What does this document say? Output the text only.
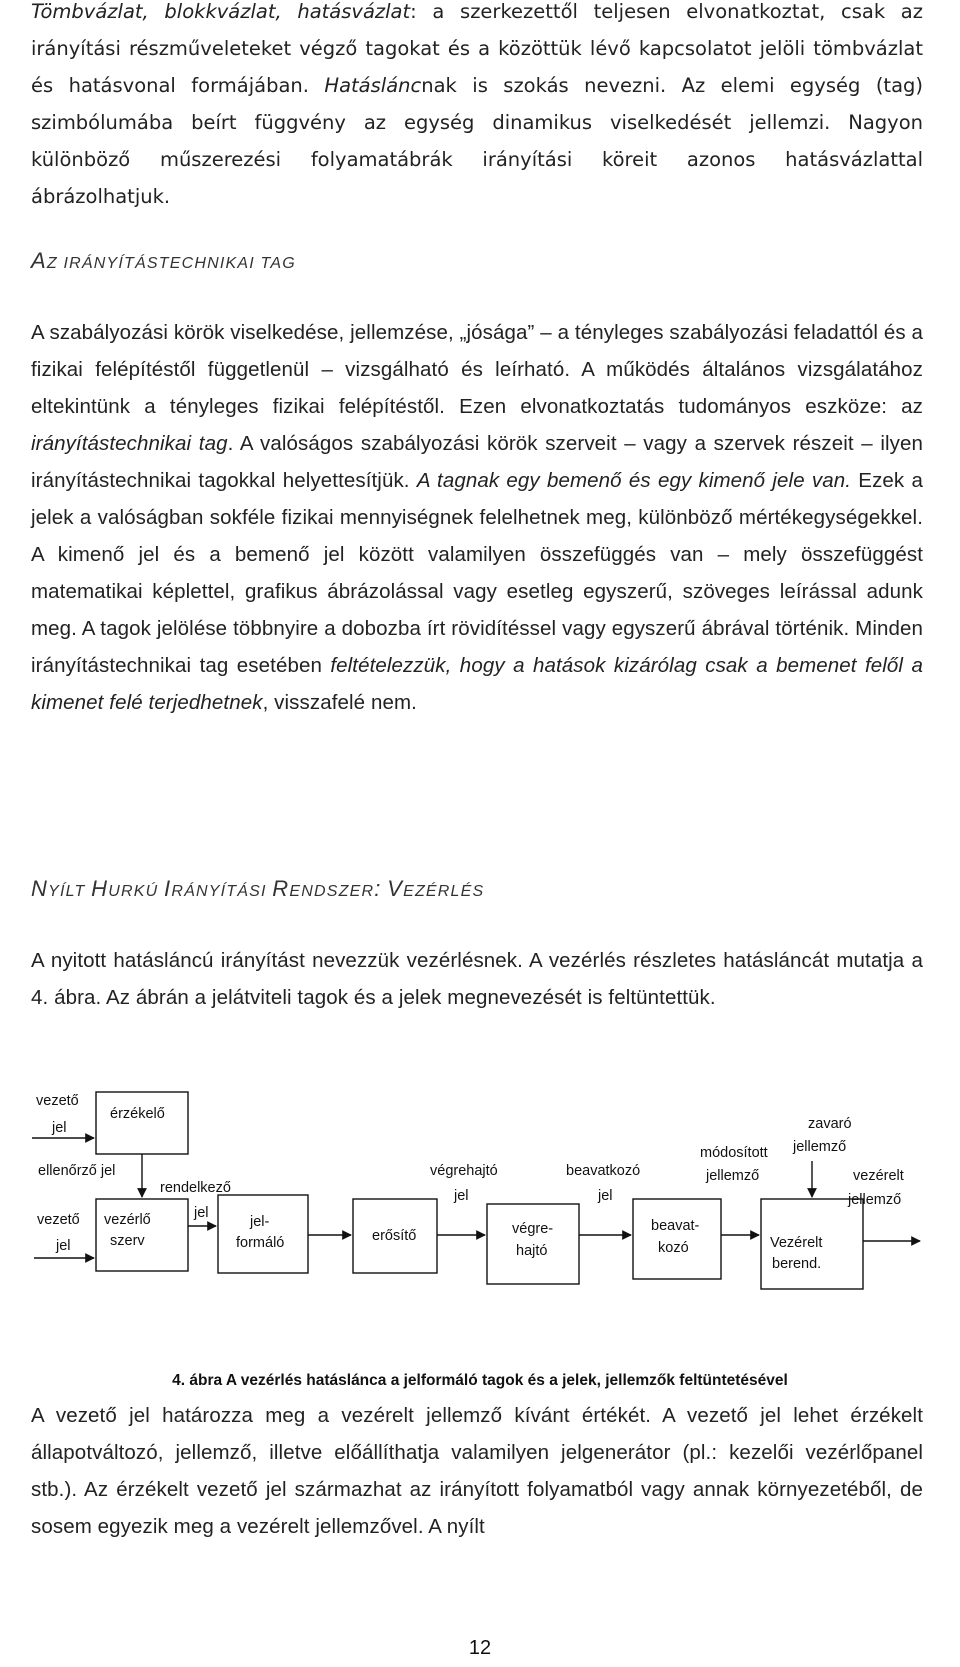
Tömbvázlat, blokkvázlat, hatásvázlat: a szerkezettől teljesen elvonatkoztat, csak az irányítási részműveleteket végző tagokat és a közöttük lévő kapcsolatot jelöli tömbvázlat és hatásvonal formájában. Hatásláncnak is szokás nevezni. Az elemi egység (tag) szimbólumába beírt függvény az egység dinamikus viselkedését jellemzi. Nagyon különböző műszerezési folyamatábrák irányítási köreit azonos hatásvázlattal ábrázolhatjuk.

AZ IRÁNYÍTÁSTECHNIKAI TAG

A szabályozási körök viselkedése, jellemzése, „jósága” – a tényleges szabályozási feladattól és a fizikai felépítéstől függetlenül – vizsgálható és leírható. A működés általános vizsgálatához eltekintünk a tényleges fizikai felépítéstől. Ezen elvonatkoztatás tudományos eszköze: az irányítástechnikai tag. A valóságos szabályozási körök szerveit – vagy a szervek részeit – ilyen irányítástechnikai tagokkal helyettesítjük. A tagnak egy bemenő és egy kimenő jele van. Ezek a jelek a valóságban sokféle fizikai mennyiségnek felelhetnek meg, különböző mértékegységekkel. A kimenő jel és a bemenő jel között valamilyen összefüggés van – mely összefüggést matematikai képlettel, grafikus ábrázolással vagy esetleg egyszerű, szöveges leírással adunk meg. A tagok jelölése többnyire a dobozba írt rövidítéssel vagy egyszerű ábrával történik. Minden irányítástechnikai tag esetében feltételezzük, hogy a hatások kizárólag csak a bemenet felől a kimenet felé terjedhetnek, visszafelé nem.

NYÍLT HURKÚ IRÁNYÍTÁSI RENDSZER: VEZÉRLÉS

A nyitott hatásláncú irányítást nevezzük vezérlésnek. A vezérlés részletes hatásláncát mutatja a 4. ábra. Az ábrán a jelátviteli tagok és a jelek megnevezését is feltüntettük.

vezető
jel
érzékelő
ellenőrző jel
zavaró
jellemző
vezető
jel
vezérlő
szerv
rendelkező
jel
jel-
formáló	erősítő
végrehajtó
jel
végre-
hajtó
beavatkozó
jel
beavat-
kozó
módosított
jellemző
Vezérelt
berend.
vezérelt
jellemző

4. ábra A vezérlés hatáslánca a jelformáló tagok és a jelek, jellemzők feltüntetésével

A vezető jel határozza meg a vezérelt jellemző kívánt értékét. A vezető jel lehet érzékelt állapotváltozó, jellemző, illetve előállíthatja valamilyen jelgenerátor (pl.: kezelői vezérlőpanel stb.). Az érzékelt vezető jel származhat az irányított folyamatból vagy annak környezetéből, de sosem egyezik meg a vezérelt jellemzővel. A nyílt

12
